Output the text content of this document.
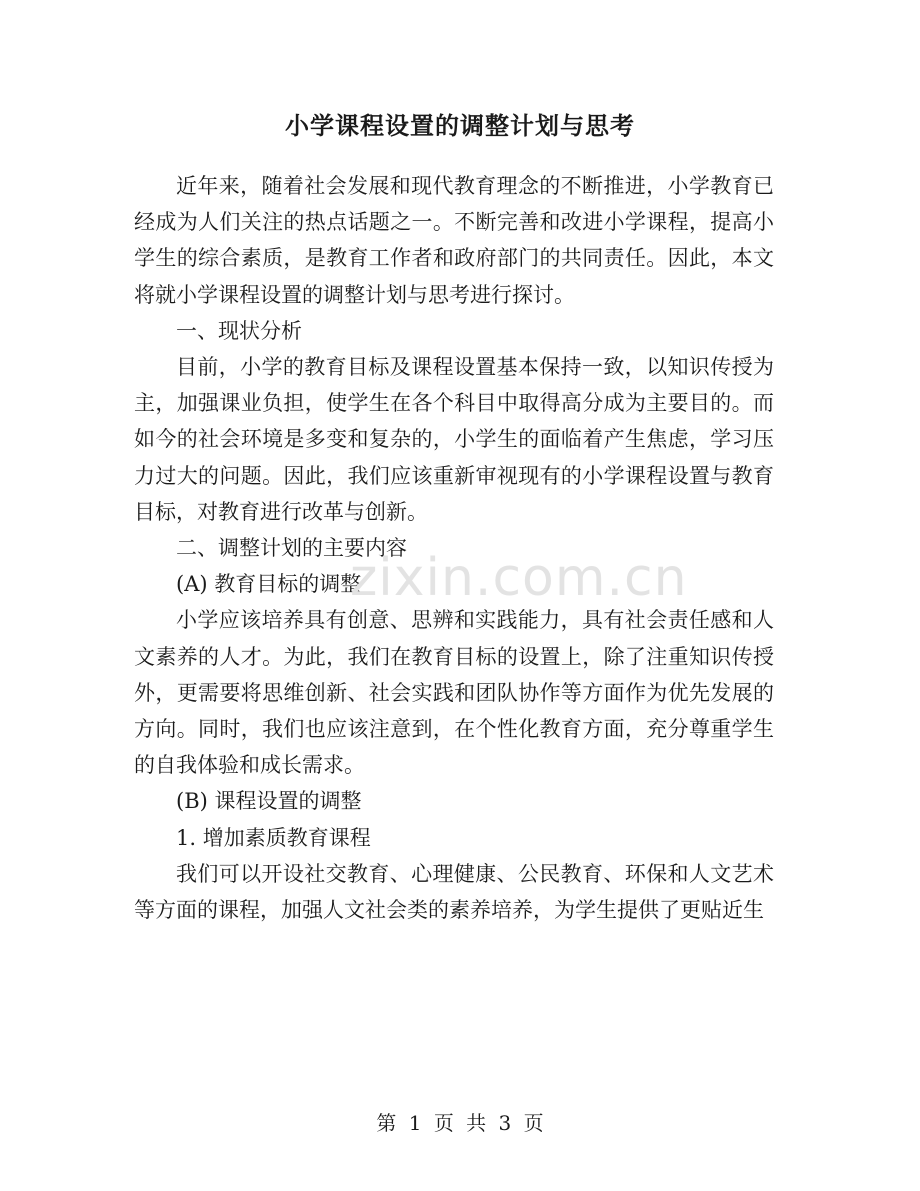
小学课程设置的调整计划与思考

近年来，随着社会发展和现代教育理念的不断推进，小学教育已经成为人们关注的热点话题之一。不断完善和改进小学课程，提高小学生的综合素质，是教育工作者和政府部门的共同责任。因此，本文将就小学课程设置的调整计划与思考进行探讨。

一、现状分析

目前，小学的教育目标及课程设置基本保持一致，以知识传授为主，加强课业负担，使学生在各个科目中取得高分成为主要目的。而如今的社会环境是多变和复杂的，小学生的面临着产生焦虑，学习压力过大的问题。因此，我们应该重新审视现有的小学课程设置与教育目标，对教育进行改革与创新。

二、调整计划的主要内容

(A) 教育目标的调整

小学应该培养具有创意、思辨和实践能力，具有社会责任感和人文素养的人才。为此，我们在教育目标的设置上，除了注重知识传授外，更需要将思维创新、社会实践和团队协作等方面作为优先发展的方向。同时，我们也应该注意到，在个性化教育方面，充分尊重学生的自我体验和成长需求。

(B) 课程设置的调整

1. 增加素质教育课程

我们可以开设社交教育、心理健康、公民教育、环保和人文艺术等方面的课程，加强人文社会类的素养培养，为学生提供了更贴近生

zixin.com.cn
第 1 页 共 3 页
